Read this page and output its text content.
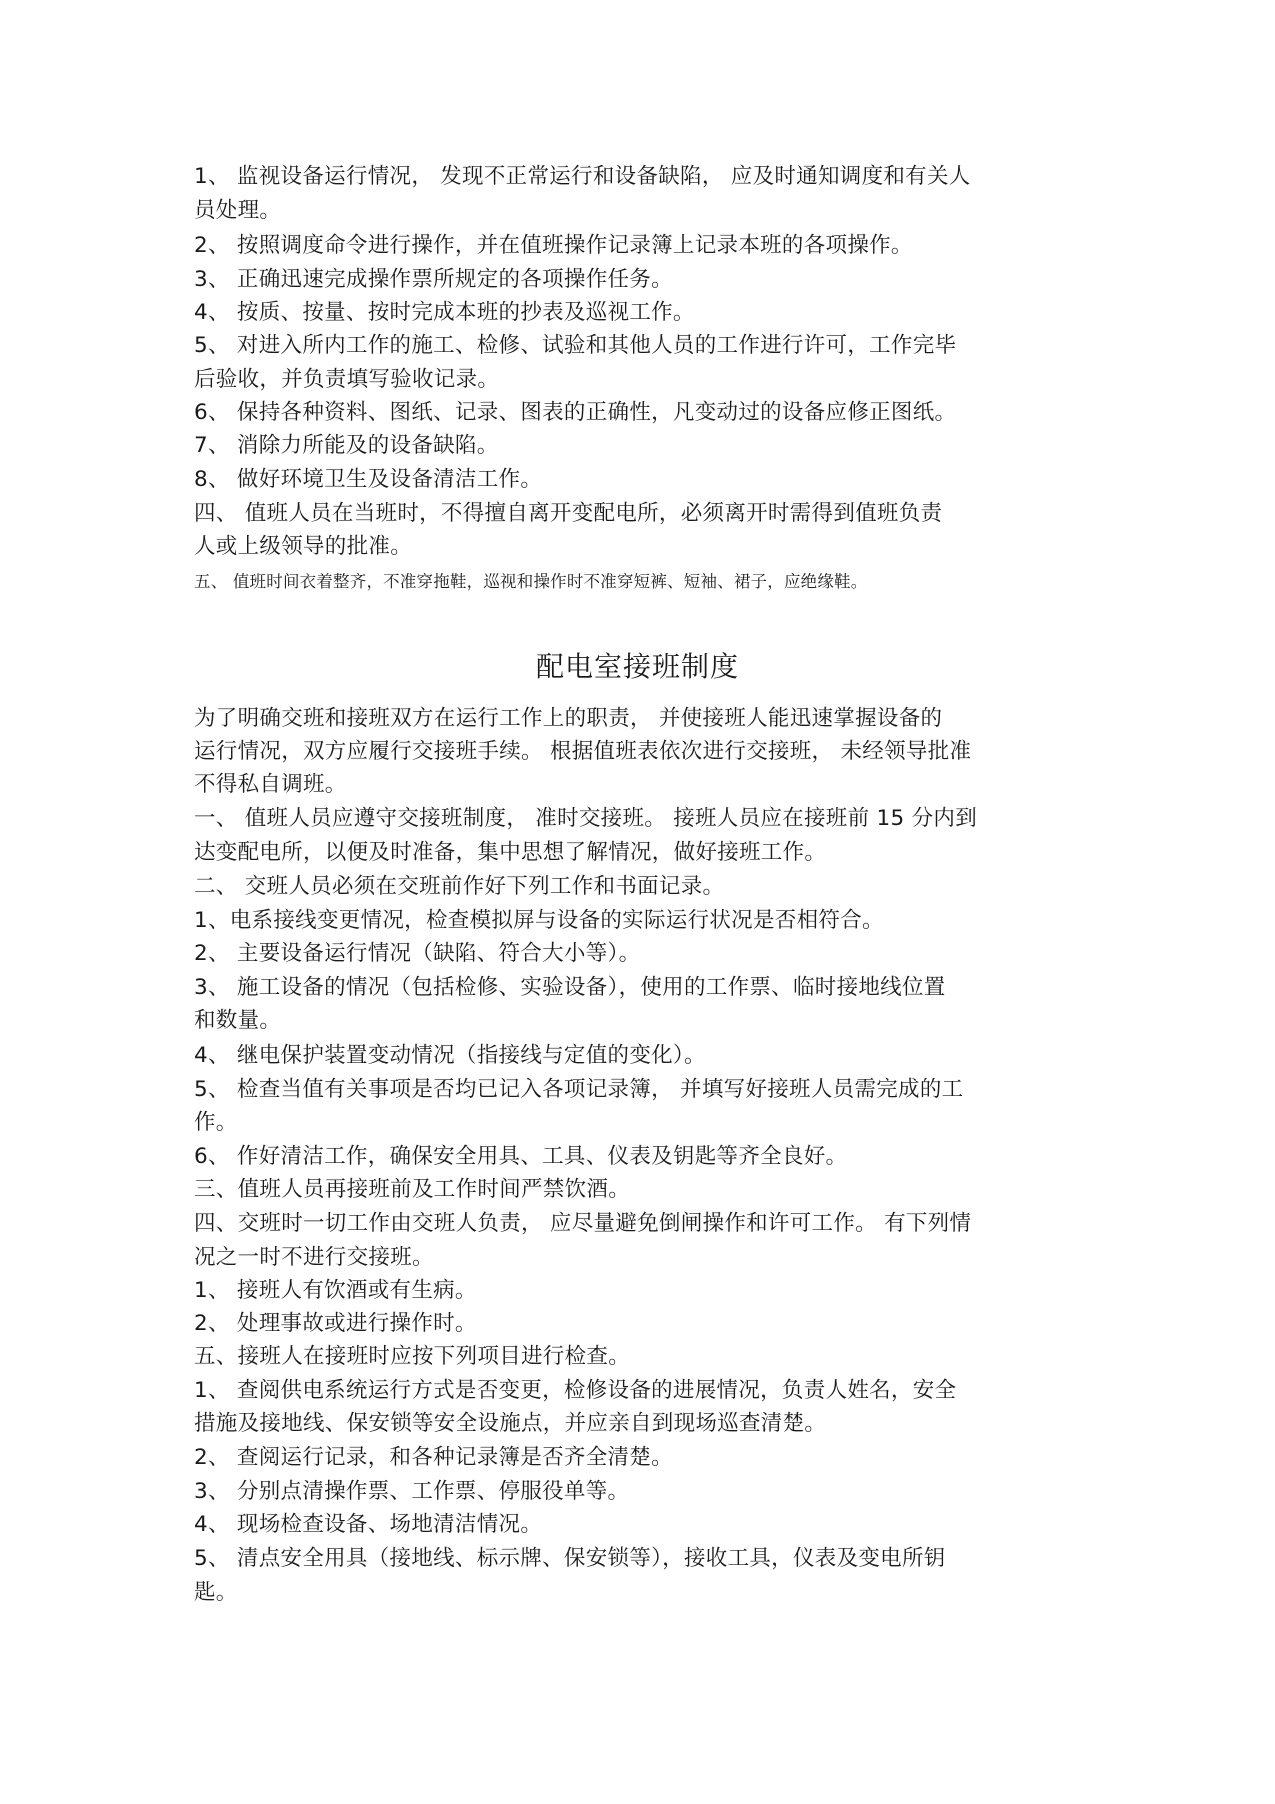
1、 监视设备运行情况， 发现不正常运行和设备缺陷， 应及时通知调度和有关人
员处理。
2、 按照调度命令进行操作，并在值班操作记录簿上记录本班的各项操作。
3、 正确迅速完成操作票所规定的各项操作任务。
4、 按质、按量、按时完成本班的抄表及巡视工作。
5、 对进入所内工作的施工、检修、试验和其他人员的工作进行许可，工作完毕
后验收，并负责填写验收记录。
6、 保持各种资料、图纸、记录、图表的正确性，凡变动过的设备应修正图纸。
7、 消除力所能及的设备缺陷。
8、 做好环境卫生及设备清洁工作。
四、 值班人员在当班时，不得擅自离开变配电所，必须离开时需得到值班负责
人或上级领导的批准。
五、 值班时间衣着整齐，不准穿拖鞋，巡视和操作时不准穿短裤、短袖、裙子，应绝缘鞋。
配电室接班制度
为了明确交班和接班双方在运行工作上的职责， 并使接班人能迅速掌握设备的
运行情况，双方应履行交接班手续。 根据值班表依次进行交接班， 未经领导批准
不得私自调班。
一、 值班人员应遵守交接班制度， 准时交接班。 接班人员应在接班前 15 分内到
达变配电所，以便及时准备，集中思想了解情况，做好接班工作。
二、 交班人员必须在交班前作好下列工作和书面记录。
1、电系接线变更情况，检查模拟屏与设备的实际运行状况是否相符合。
2、 主要设备运行情况（缺陷、符合大小等）。
3、 施工设备的情况（包括检修、实验设备），使用的工作票、临时接地线位置
和数量。
4、 继电保护装置变动情况（指接线与定值的变化）。
5、 检查当值有关事项是否均已记入各项记录簿， 并填写好接班人员需完成的工
作。
6、 作好清洁工作，确保安全用具、工具、仪表及钥匙等齐全良好。
三、值班人员再接班前及工作时间严禁饮酒。
四、交班时一切工作由交班人负责， 应尽量避免倒闸操作和许可工作。 有下列情
况之一时不进行交接班。
1、 接班人有饮酒或有生病。
2、 处理事故或进行操作时。
五、接班人在接班时应按下列项目进行检查。
1、 查阅供电系统运行方式是否变更，检修设备的进展情况，负责人姓名，安全
措施及接地线、保安锁等安全设施点，并应亲自到现场巡查清楚。
2、 查阅运行记录，和各种记录簿是否齐全清楚。
3、 分别点清操作票、工作票、停服役单等。
4、 现场检查设备、场地清洁情况。
5、 清点安全用具（接地线、标示牌、保安锁等），接收工具，仪表及变电所钥
匙。
